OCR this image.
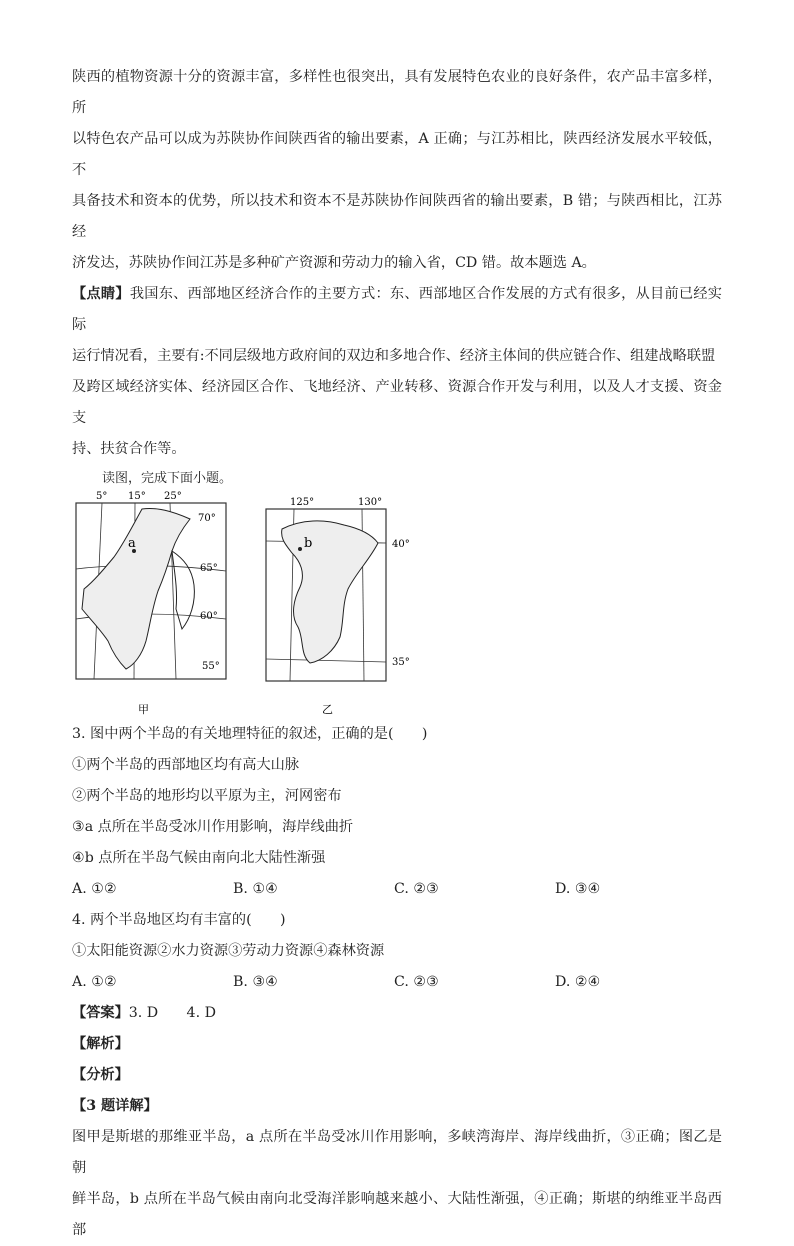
陕西的植物资源十分的资源丰富，多样性也很突出，具有发展特色农业的良好条件，农产品丰富多样，所

以特色农产品可以成为苏陕协作间陕西省的输出要素，A 正确；与江苏相比，陕西经济发展水平较低，不

具备技术和资本的优势，所以技术和资本不是苏陕协作间陕西省的输出要素，B 错；与陕西相比，江苏经

济发达，苏陕协作间江苏是多种矿产资源和劳动力的输入省，CD 错。故本题选 A。

【点睛】我国东、西部地区经济合作的主要方式：东、西部地区合作发展的方式有很多，从目前已经实际

运行情况看，主要有:不同层级地方政府间的双边和多地合作、经济主体间的供应链合作、组建战略联盟

及跨区域经济实体、经济园区合作、飞地经济、产业转移、资源合作开发与利用，以及人才支援、资金支

持、扶贫合作等。

读图，完成下面小题。
5° 15° 25°
70°
65°
60°
55°
a
甲
125°	130°
40°
35°
b
乙

3. 图中两个半岛的有关地理特征的叙述，正确的是(　　)

①两个半岛的西部地区均有高大山脉

②两个半岛的地形均以平原为主，河网密布

③a 点所在半岛受冰川作用影响，海岸线曲折

④b 点所在半岛气候由南向北大陆性渐强

A. ①②	B. ①④	C. ②③	D. ③④

4. 两个半岛地区均有丰富的(　　)

①太阳能资源②水力资源③劳动力资源④森林资源

A. ①②	B. ③④	C. ②③	D. ②④

【答案】3. D　　4. D

【解析】

【分析】

【3 题详解】

图甲是斯堪的那维亚半岛，a 点所在半岛受冰川作用影响，多峡湾海岸、海岸线曲折，③正确；图乙是朝

鲜半岛，b 点所在半岛气候由南向北受海洋影响越来越小、大陆性渐强，④正确；斯堪的纳维亚半岛西部
